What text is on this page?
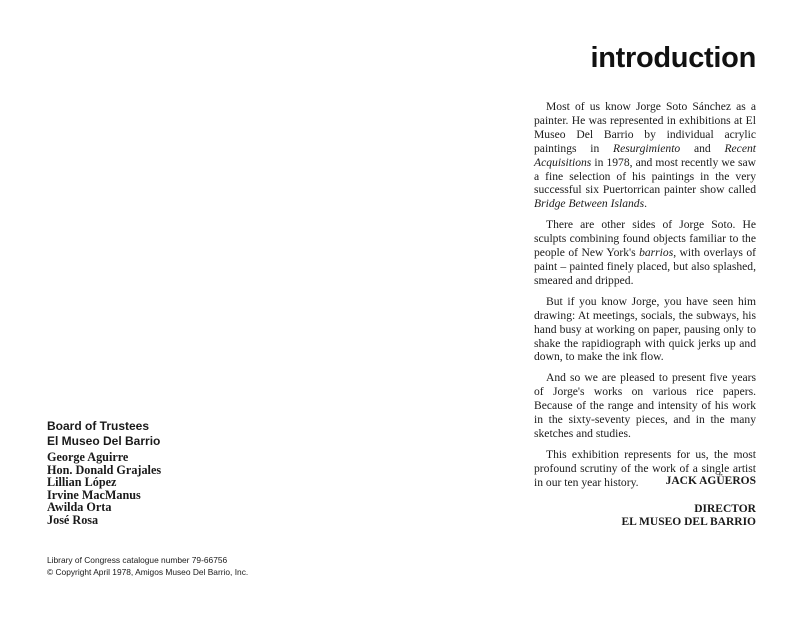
introduction

Most of us know Jorge Soto Sánchez as a painter. He was represented in exhibitions at El Museo Del Barrio by individual acrylic paintings in Resurgimiento and Recent Acquisitions in 1978, and most recently we saw a fine selection of his paintings in the very successful six Puertorrican painter show called Bridge Between Islands.

There are other sides of Jorge Soto. He sculpts combining found objects familiar to the people of New York's barrios, with overlays of paint – painted finely placed, but also splashed, smeared and dripped.

But if you know Jorge, you have seen him drawing: At meetings, socials, the subways, his hand busy at working on paper, pausing only to shake the rapidiograph with quick jerks up and down, to make the ink flow.

And so we are pleased to present five years of Jorge's works on various rice papers. Because of the range and intensity of his work in the sixty-seventy pieces, and in the many sketches and studies.

This exhibition represents for us, the most profound scrutiny of the work of a single artist in our ten year history.	JACK AGÜEROS
DIRECTOR
EL MUSEO DEL BARRIO
Board of Trustees
El Museo Del Barrio
George Aguirre
Hon. Donald Grajales
Lillian López
Irvine MacManus
Awilda Orta
José Rosa
Library of Congress catalogue number 79-66756
© Copyright April 1978, Amigos Museo Del Barrio, Inc.
